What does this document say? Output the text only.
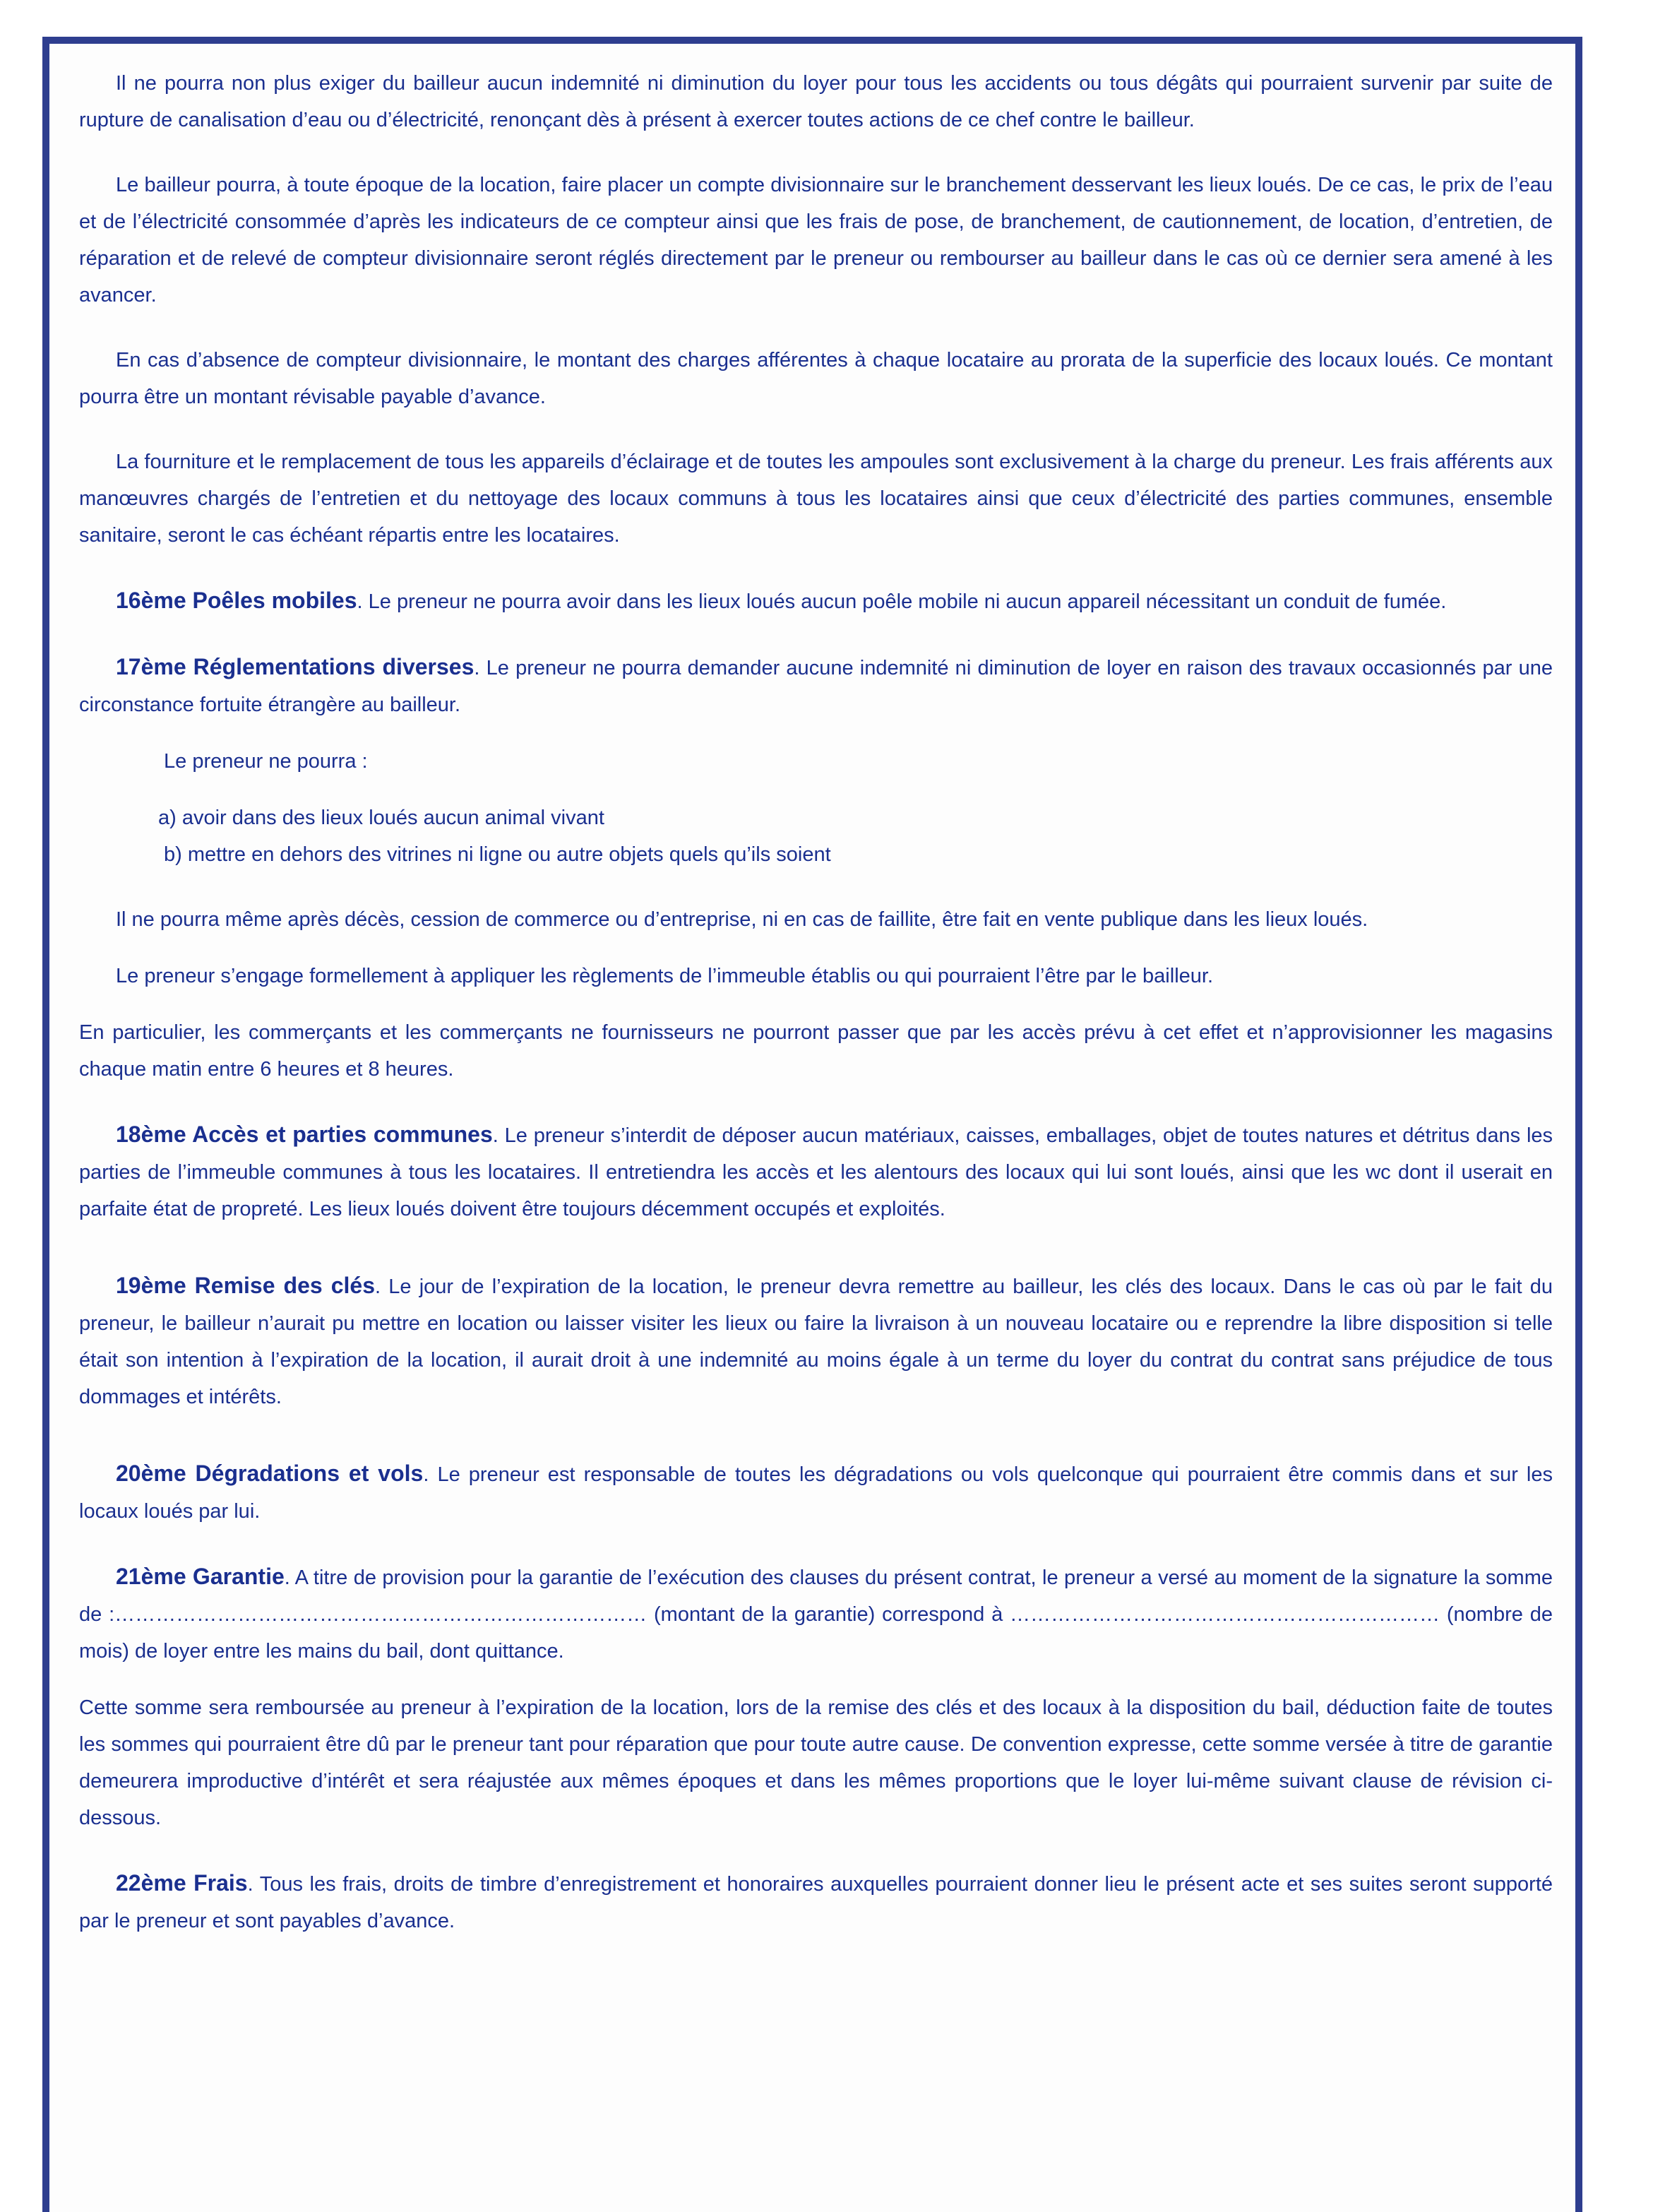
Il ne pourra non plus exiger du bailleur aucun indemnité ni diminution du loyer pour tous les accidents ou tous dégâts qui pourraient survenir par suite de rupture de canalisation d’eau ou d’électricité, renonçant dès à présent à exercer toutes actions de ce chef contre le bailleur.

Le bailleur pourra, à toute époque de la location, faire placer un compte divisionnaire sur le branchement desservant les lieux loués. De ce cas, le prix de l’eau et de l’électricité consommée d’après les indicateurs de ce compteur ainsi que les frais de pose, de branchement, de cautionnement, de location, d’entretien, de réparation et de relevé de compteur divisionnaire seront réglés directement par le preneur ou rembourser au bailleur dans le cas où ce dernier sera amené à les avancer.

En cas d’absence de compteur divisionnaire, le montant des charges afférentes à chaque locataire au prorata de la superficie des locaux loués. Ce montant pourra être un montant révisable payable d’avance.

La fourniture et le remplacement de tous les appareils d’éclairage et de toutes les ampoules sont exclusivement à la charge du preneur. Les frais afférents aux manœuvres chargés de l’entretien et du nettoyage des locaux communs à tous les locataires ainsi que ceux d’électricité des parties communes, ensemble sanitaire, seront le cas échéant répartis entre les locataires.

16ème Poêles mobiles. Le preneur ne pourra avoir dans les lieux loués aucun poêle mobile ni aucun appareil nécessitant un conduit de fumée.

17ème Réglementations diverses. Le preneur ne pourra demander aucune indemnité ni diminution de loyer en raison des travaux occasionnés par une circonstance fortuite étrangère au bailleur.

Le preneur ne pourra :

a) avoir dans des lieux loués aucun animal vivant

b) mettre en dehors des vitrines ni ligne ou autre objets quels qu’ils soient

Il ne pourra même après décès, cession de commerce ou d’entreprise, ni en cas de faillite, être fait en vente publique dans les lieux loués.

Le preneur s’engage formellement à appliquer les règlements de l’immeuble établis ou qui pourraient l’être par le bailleur.

En particulier, les commerçants et les commerçants ne fournisseurs ne pourront passer que par les accès prévu à cet effet et n’approvisionner les magasins chaque matin entre 6 heures et 8 heures.

18ème Accès et parties communes. Le preneur s’interdit de déposer aucun matériaux, caisses, emballages, objet de toutes natures et détritus dans les parties de l’immeuble communes à tous les locataires. Il entretiendra les accès et les alentours des locaux qui lui sont loués, ainsi que les wc dont il userait en parfaite état de propreté. Les lieux loués doivent être toujours décemment occupés et exploités.

19ème Remise des clés. Le jour de l’expiration de la location, le preneur devra remettre au bailleur, les clés des locaux. Dans le cas où par le fait du preneur, le bailleur n’aurait pu mettre en location ou laisser visiter les lieux ou faire la livraison à un nouveau locataire ou e reprendre la libre disposition si telle était son intention à l’expiration de la location, il aurait droit à une indemnité au moins égale à un terme du loyer du contrat du contrat sans préjudice de tous dommages et intérêts.

20ème Dégradations et vols. Le preneur est responsable de toutes les dégradations ou vols quelconque qui pourraient être commis dans et sur les locaux loués par lui.

21ème Garantie. A titre de provision pour la garantie de l’exécution des clauses du présent contrat, le preneur a versé au moment de la signature la somme de :…………………………………………………………………… (montant de la garantie) correspond à ……………………………………………………… (nombre de mois) de loyer entre les mains du bail, dont quittance.

Cette somme sera remboursée au preneur à l’expiration de la location, lors de la remise des clés et des locaux à la disposition du bail, déduction faite de toutes les sommes qui pourraient être dû par le preneur tant pour réparation que pour toute autre cause. De convention expresse, cette somme versée à titre de garantie demeurera improductive d’intérêt et sera réajustée aux mêmes époques et dans les mêmes proportions que le loyer lui-même suivant clause de révision ci-dessous.

22ème Frais. Tous les frais, droits de timbre d’enregistrement et honoraires auxquelles pourraient donner lieu le présent acte et ses suites seront supporté par le preneur et sont payables d’avance.
